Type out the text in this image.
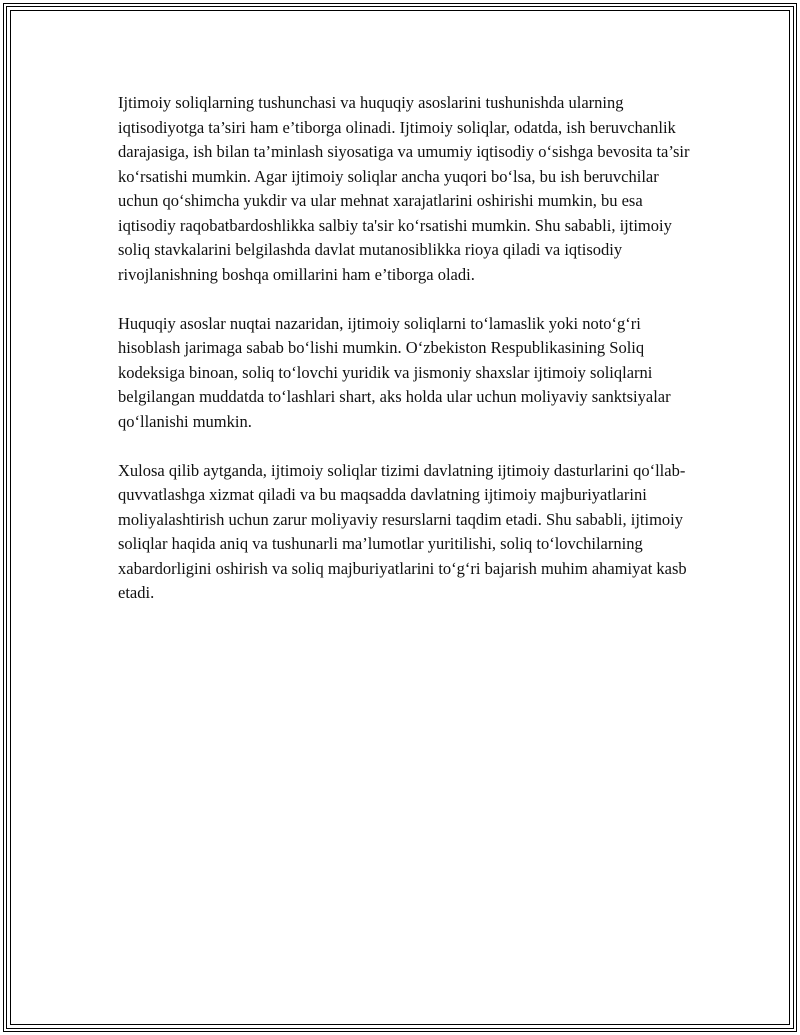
Ijtimoiy soliqlarning tushunchasi va huquqiy asoslarini tushunishda ularning iqtisodiyotga ta’siri ham e’tiborga olinadi. Ijtimoiy soliqlar, odatda, ish beruvchanlik darajasiga, ish bilan ta’minlash siyosatiga va umumiy iqtisodiy o‘sishga bevosita ta’sir ko‘rsatishi mumkin. Agar ijtimoiy soliqlar ancha yuqori bo‘lsa, bu ish beruvchilar uchun qo‘shimcha yukdir va ular mehnat xarajatlarini oshirishi mumkin, bu esa iqtisodiy raqobatbardoshlikka salbiy ta'sir ko‘rsatishi mumkin. Shu sababli, ijtimoiy soliq stavkalarini belgilashda davlat mutanosiblikka rioya qiladi va iqtisodiy rivojlanishning boshqa omillarini ham e’tiborga oladi.

Huquqiy asoslar nuqtai nazaridan, ijtimoiy soliqlarni to‘lamaslik yoki noto‘g‘ri hisoblash jarimaga sabab bo‘lishi mumkin. O‘zbekiston Respublikasining Soliq kodeksiga binoan, soliq to‘lovchi yuridik va jismoniy shaxslar ijtimoiy soliqlarni belgilangan muddatda to‘lashlari shart, aks holda ular uchun moliyaviy sanktsiyalar qo‘llanishi mumkin.

Xulosa qilib aytganda, ijtimoiy soliqlar tizimi davlatning ijtimoiy dasturlarini qo‘llab-quvvatlashga xizmat qiladi va bu maqsadda davlatning ijtimoiy majburiyatlarini moliyalashtirish uchun zarur moliyaviy resurslarni taqdim etadi. Shu sababli, ijtimoiy soliqlar haqida aniq va tushunarli ma’lumotlar yuritilishi, soliq to‘lovchilarning xabardorligini oshirish va soliq majburiyatlarini to‘g‘ri bajarish muhim ahamiyat kasb etadi.
